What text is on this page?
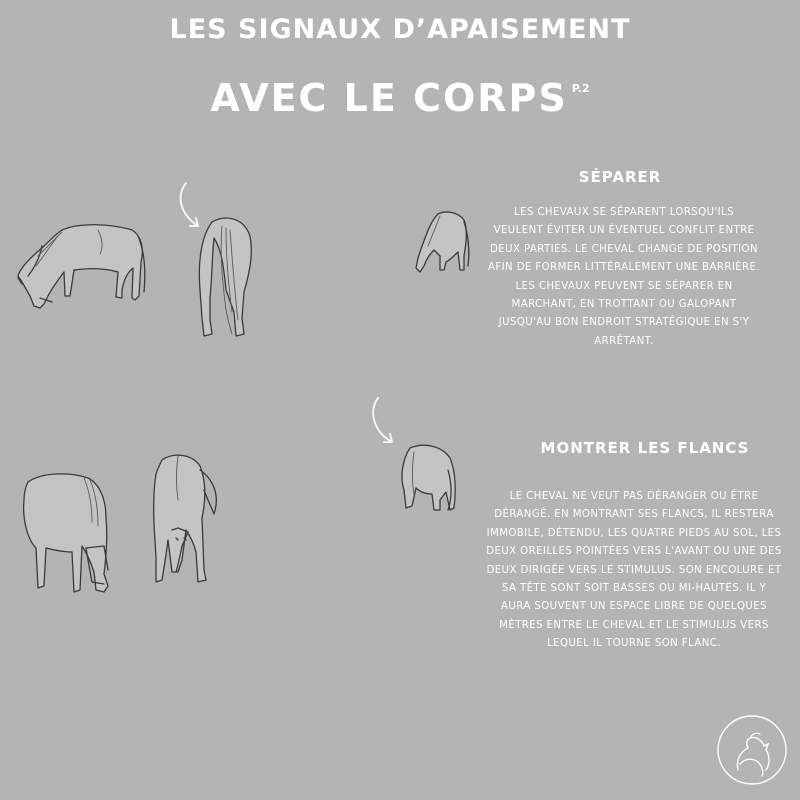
LES SIGNAUX D’APAISEMENT
AVEC LE CORPS $^{P.2}$
SÉPARER
LES CHEVAUX SE SÉPARENT LORSQU'ILS VEULENT ÉVITER UN ÉVENTUEL CONFLIT ENTRE DEUX PARTIES. LE CHEVAL CHANGE DE POSITION AFIN DE FORMER LITTÉRALEMENT UNE BARRIÈRE. LES CHEVAUX PEUVENT SE SÉPARER EN MARCHANT, EN TROTTANT OU GALOPANT JUSQU'AU BON ENDROIT STRATÉGIQUE EN S'Y ARRÊTANT.
MONTRER LES FLANCS
LE CHEVAL NE VEUT PAS DÉRANGER OU ÊTRE DÉRANGÉ. EN MONTRANT SES FLANCS, IL RESTERA IMMOBILE, DÉTENDU, LES QUATRE PIEDS AU SOL, LES DEUX OREILLES POINTÉES VERS L'AVANT OU UNE DES DEUX DIRIGÉE VERS LE STIMULUS. SON ENCOLURE ET SA TÊTE SONT SOIT BASSES OU MI-HAUTES. IL Y AURA SOUVENT UN ESPACE LIBRE DE QUELQUES MÈTRES ENTRE LE CHEVAL ET LE STIMULUS VERS LEQUEL IL TOURNE SON FLANC.
